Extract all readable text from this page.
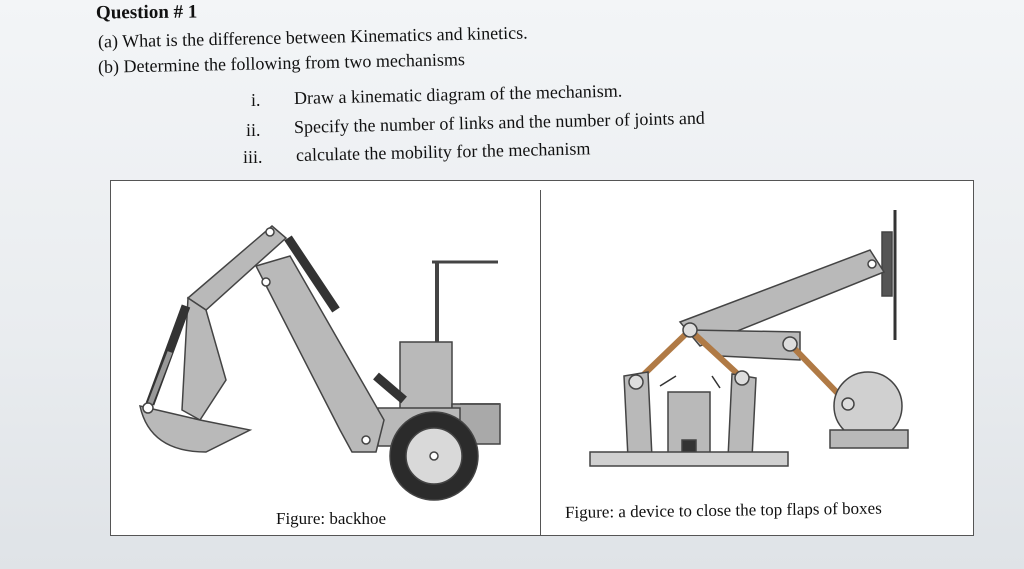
Question # 1
(a) What is the difference between Kinematics and kinetics.
(b) Determine the following from two mechanisms
i. Draw a kinematic diagram of the mechanism.
ii. Specify the number of links and the number of joints and
iii. calculate the mobility for the mechanism
Figure: backhoe	Figure: a device to close the top flaps of boxes
